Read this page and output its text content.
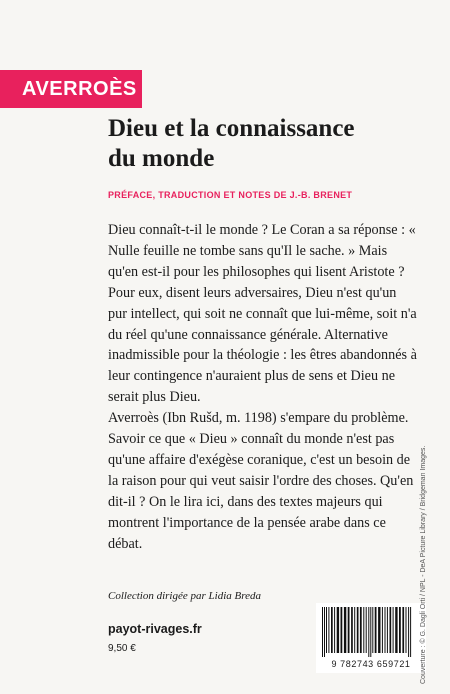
AVERROÈS
Dieu et la connaissance
du monde
PRÉFACE, TRADUCTION ET NOTES DE J.-B. BRENET

Dieu connaît-t-il le monde ? Le Coran a sa réponse : « Nulle feuille ne tombe sans qu'Il le sache. » Mais qu'en est-il pour les philosophes qui lisent Aristote ? Pour eux, disent leurs adversaires, Dieu n'est qu'un pur intellect, qui soit ne connaît que lui-même, soit n'a du réel qu'une connaissance générale. Alternative inadmissible pour la théologie : les êtres abandonnés à leur contingence n'auraient plus de sens et Dieu ne serait plus Dieu.

Averroès (Ibn Rušd, m. 1198) s'empare du problème. Savoir ce que « Dieu » connaît du monde n'est pas qu'une affaire d'exégèse coranique, c'est un besoin de la raison pour qui veut saisir l'ordre des choses. Qu'en dit-il ? On le lira ici, dans des textes majeurs qui montrent l'importance de la pensée arabe dans ce débat.

Collection dirigée par Lidia Breda
payot-rivages.fr
9,50 €
9 782743 659721	Couverture : © G. Dagli Orti / NPL - DeA Picture Library / Bridgeman Images.
